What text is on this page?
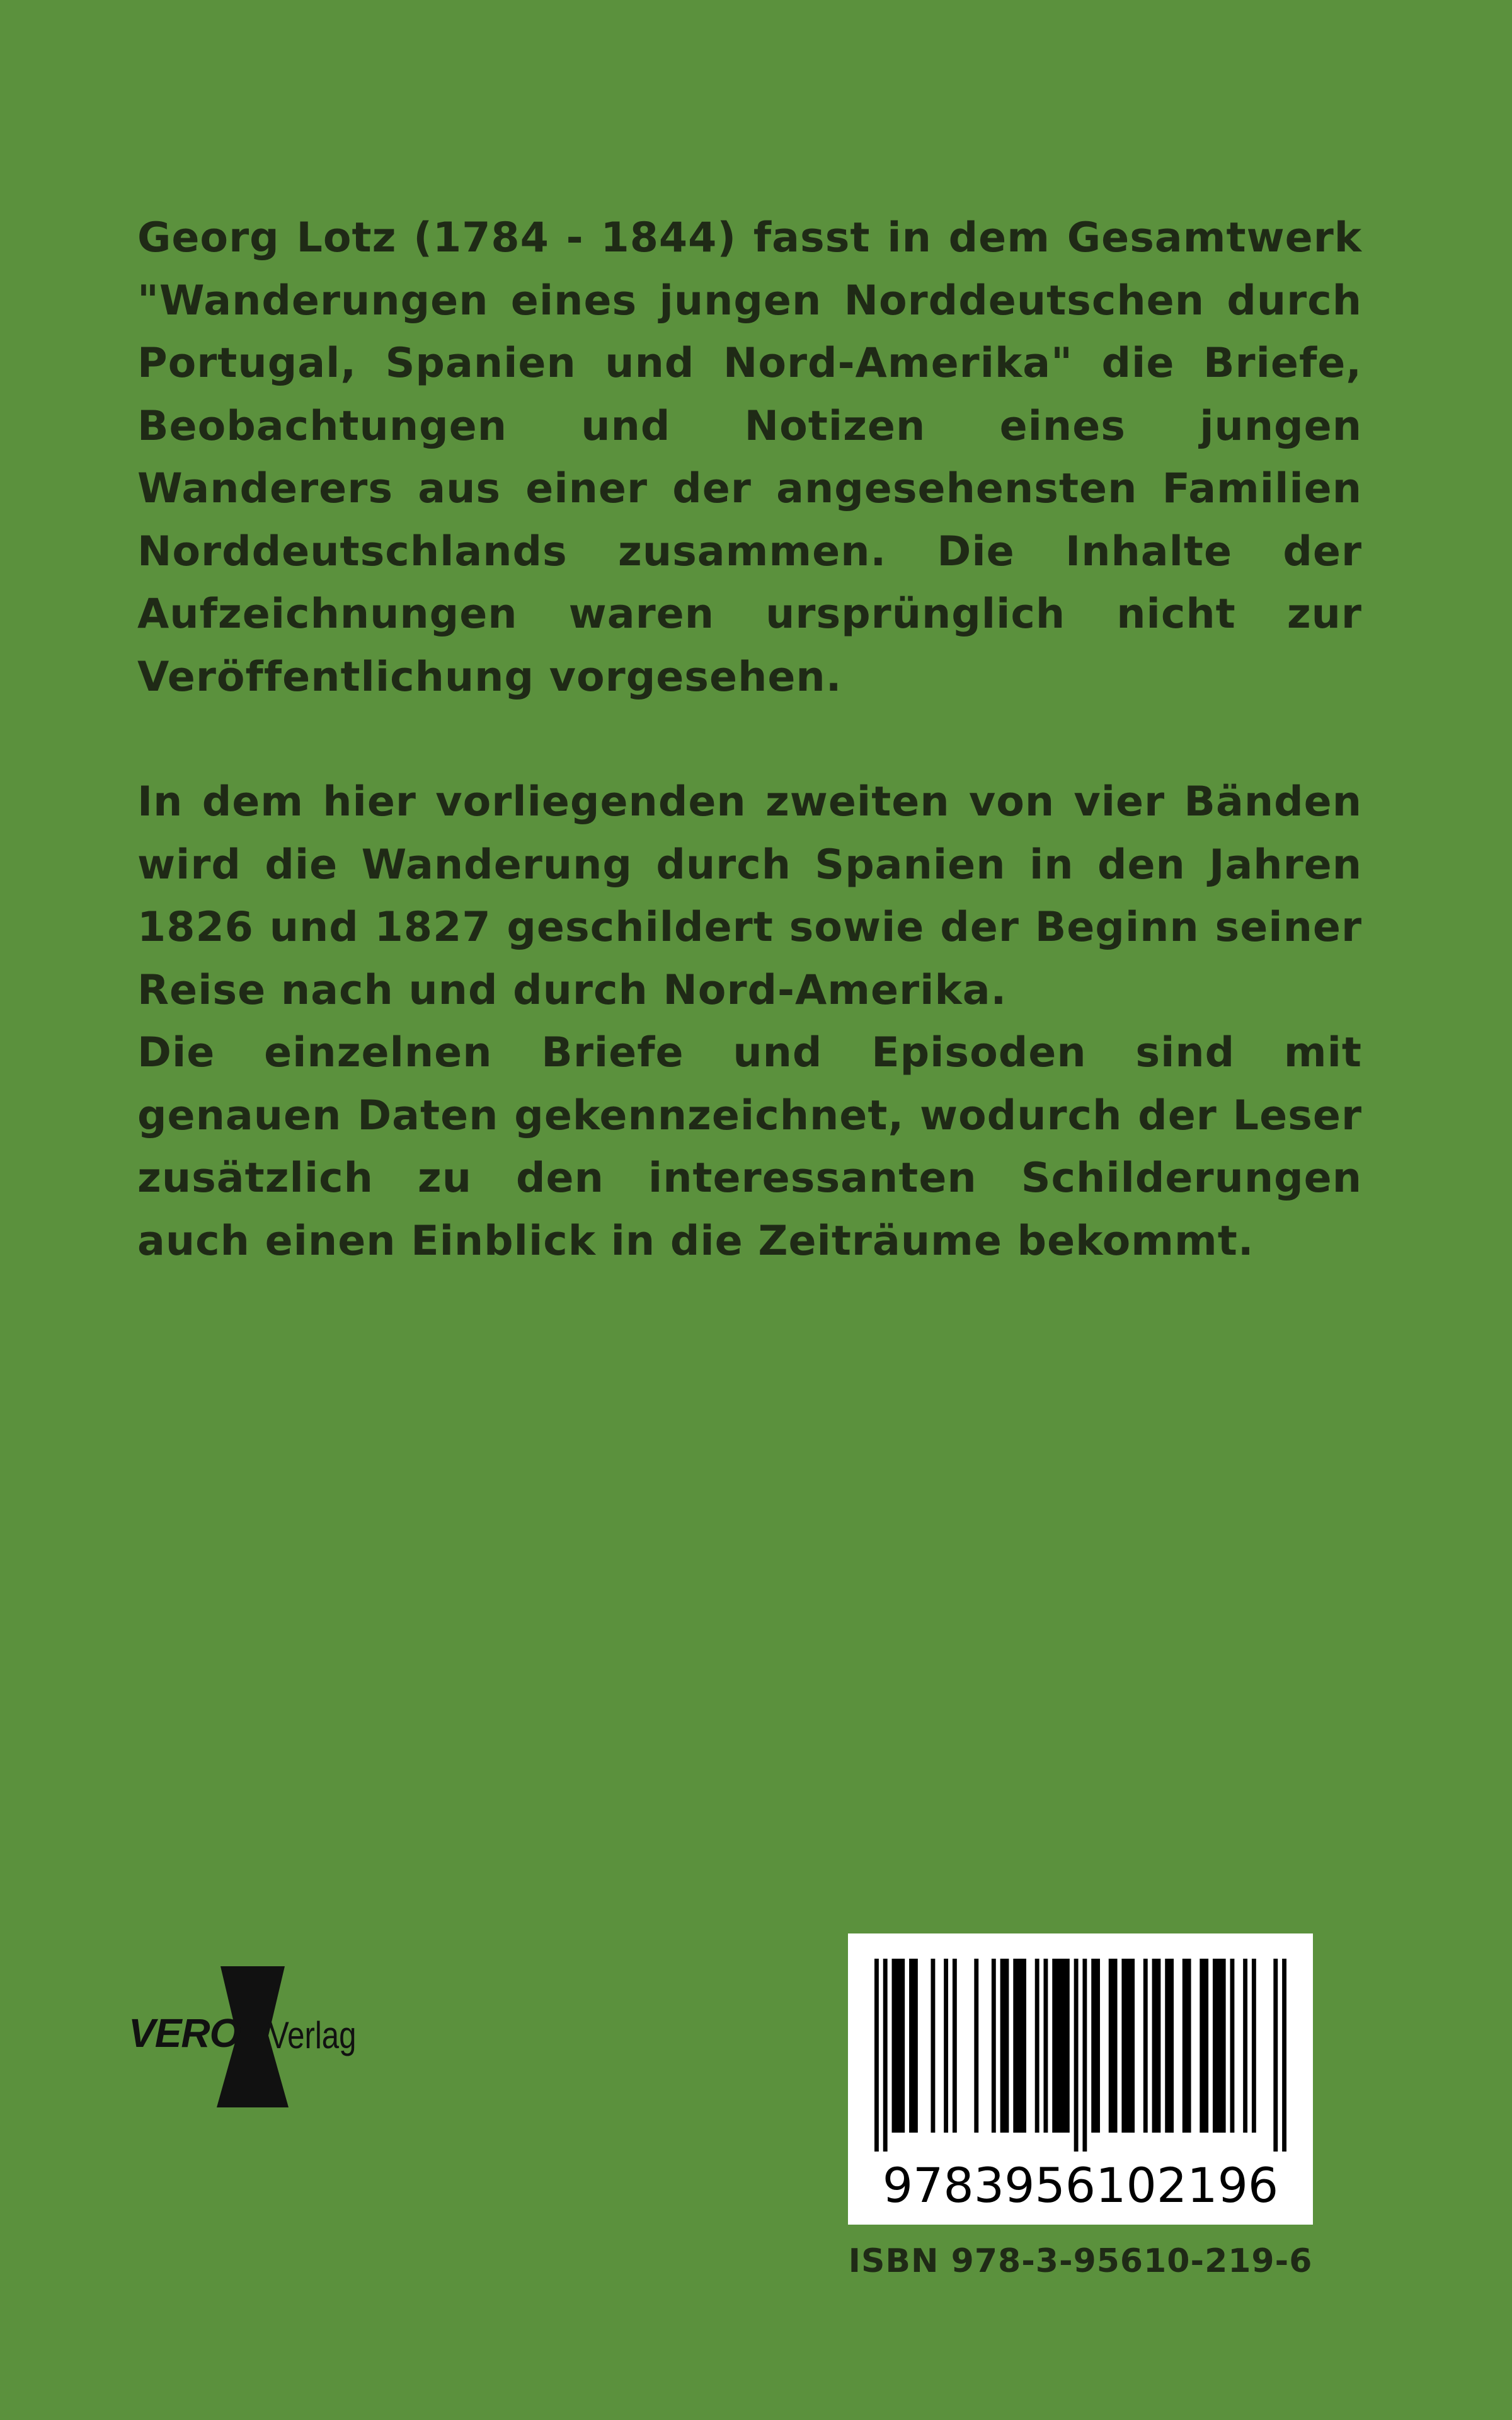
Georg Lotz (1784 - 1844) fasst in dem Gesamtwerk "Wanderungen eines jungen Norddeutschen durch Portugal, Spanien und Nord-Amerika" die Briefe, Beobachtungen und Notizen eines jungen Wanderers aus einer der angesehensten Familien Norddeutschlands zusammen. Die Inhalte der Aufzeichnungen waren ursprünglich nicht zur Veröffentlichung vorgesehen.

In dem hier vorliegenden zweiten von vier Bänden wird die Wanderung durch Spanien in den Jahren 1826 und 1827 geschildert sowie der Beginn seiner Reise nach und durch Nord-Amerika.

Die einzelnen Briefe und Episoden sind mit genauen Daten gekennzeichnet, wodurch der Leser zusätzlich zu den interessanten Schilderungen auch einen Einblick in die Zeiträume bekommt.

VERO Verlag
9783956102196
ISBN 978-3-95610-219-6
